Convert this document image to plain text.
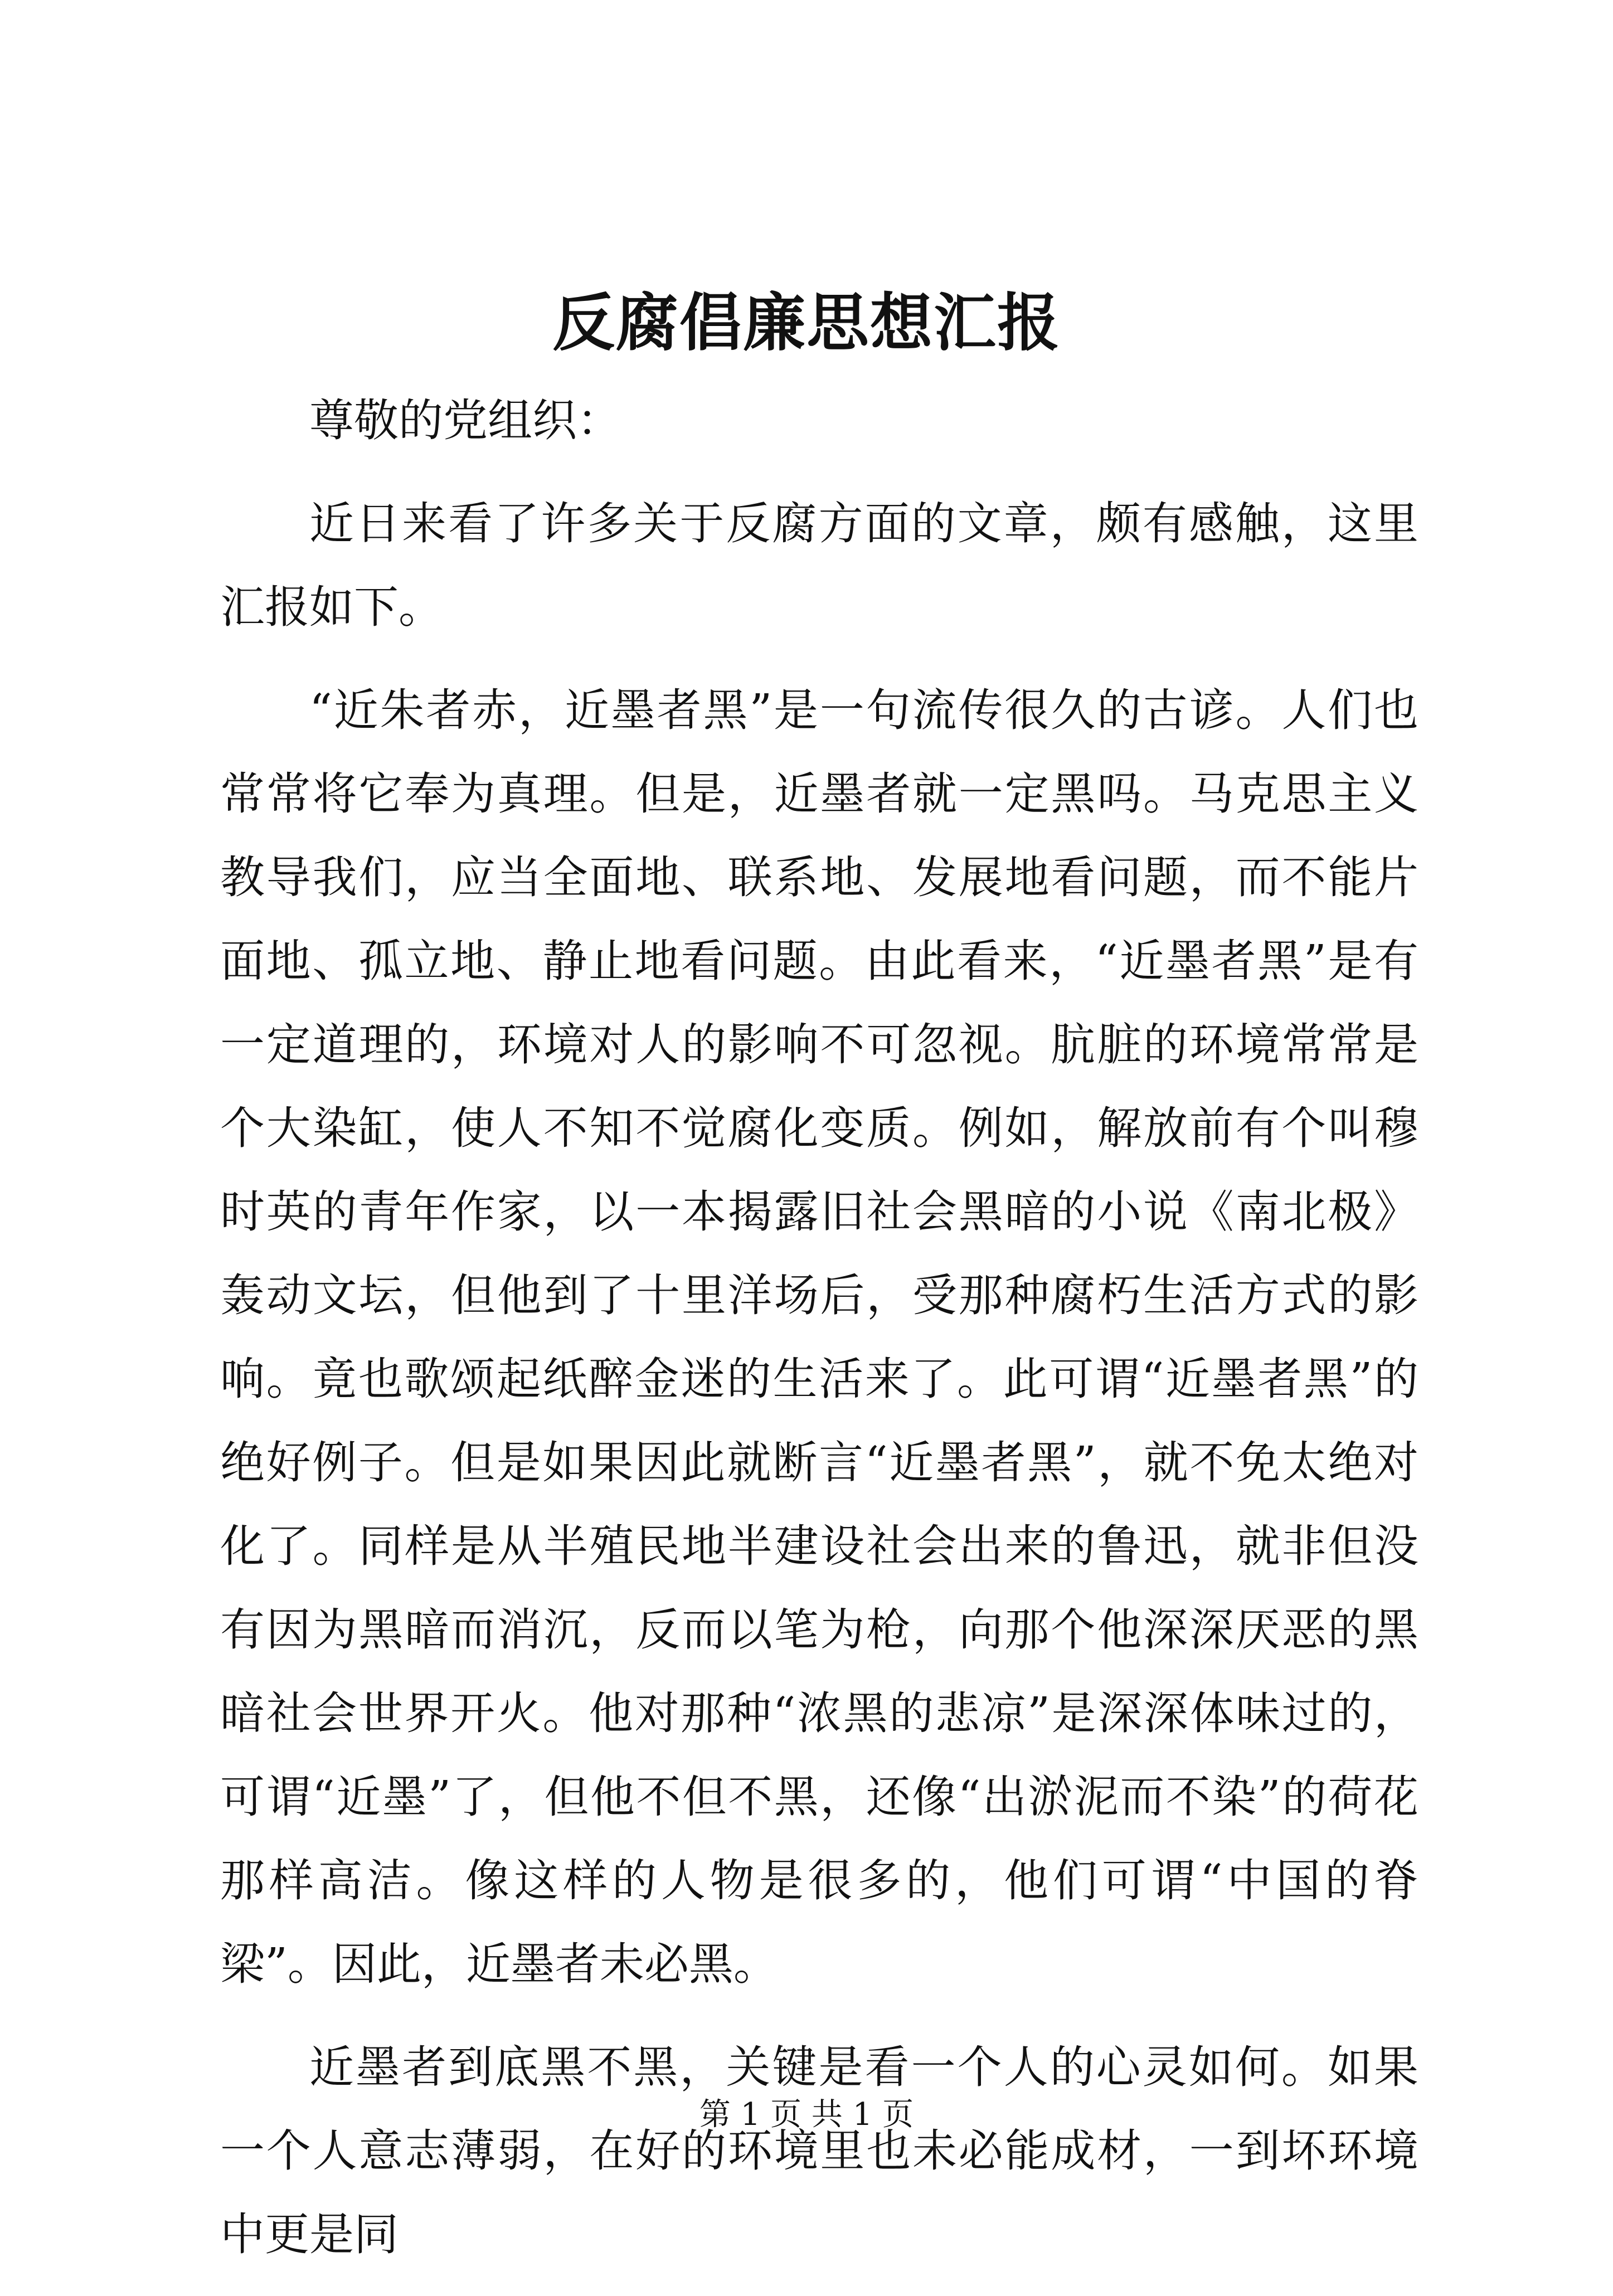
反腐倡廉思想汇报

尊敬的党组织：

近日来看了许多关于反腐方面的文章，颇有感触，这里汇报如下。

“近朱者赤，近墨者黑”是一句流传很久的古谚。人们也常常将它奉为真理。但是，近墨者就一定黑吗。马克思主义教导我们，应当全面地、联系地、发展地看问题，而不能片面地、孤立地、静止地看问题。由此看来，“近墨者黑”是有一定道理的，环境对人的影响不可忽视。肮脏的环境常常是个大染缸，使人不知不觉腐化变质。例如，解放前有个叫穆时英的青年作家，以一本揭露旧社会黑暗的小说《南北极》轰动文坛，但他到了十里洋场后，受那种腐朽生活方式的影响。竟也歌颂起纸醉金迷的生活来了。此可谓“近墨者黑”的绝好例子。但是如果因此就断言“近墨者黑”，就不免太绝对化了。同样是从半殖民地半建设社会出来的鲁迅，就非但没有因为黑暗而消沉，反而以笔为枪，向那个他深深厌恶的黑暗社会世界开火。他对那种“浓黑的悲凉”是深深体味过的，可谓“近墨”了，但他不但不黑，还像“出淤泥而不染”的荷花那样高洁。像这样的人物是很多的，他们可谓“中国的脊梁”。因此，近墨者未必黑。

近墨者到底黑不黑，关键是看一个人的心灵如何。如果一个人意志薄弱，在好的环境里也未必能成材，一到坏环境中更是同

第 1 页 共 1 页
